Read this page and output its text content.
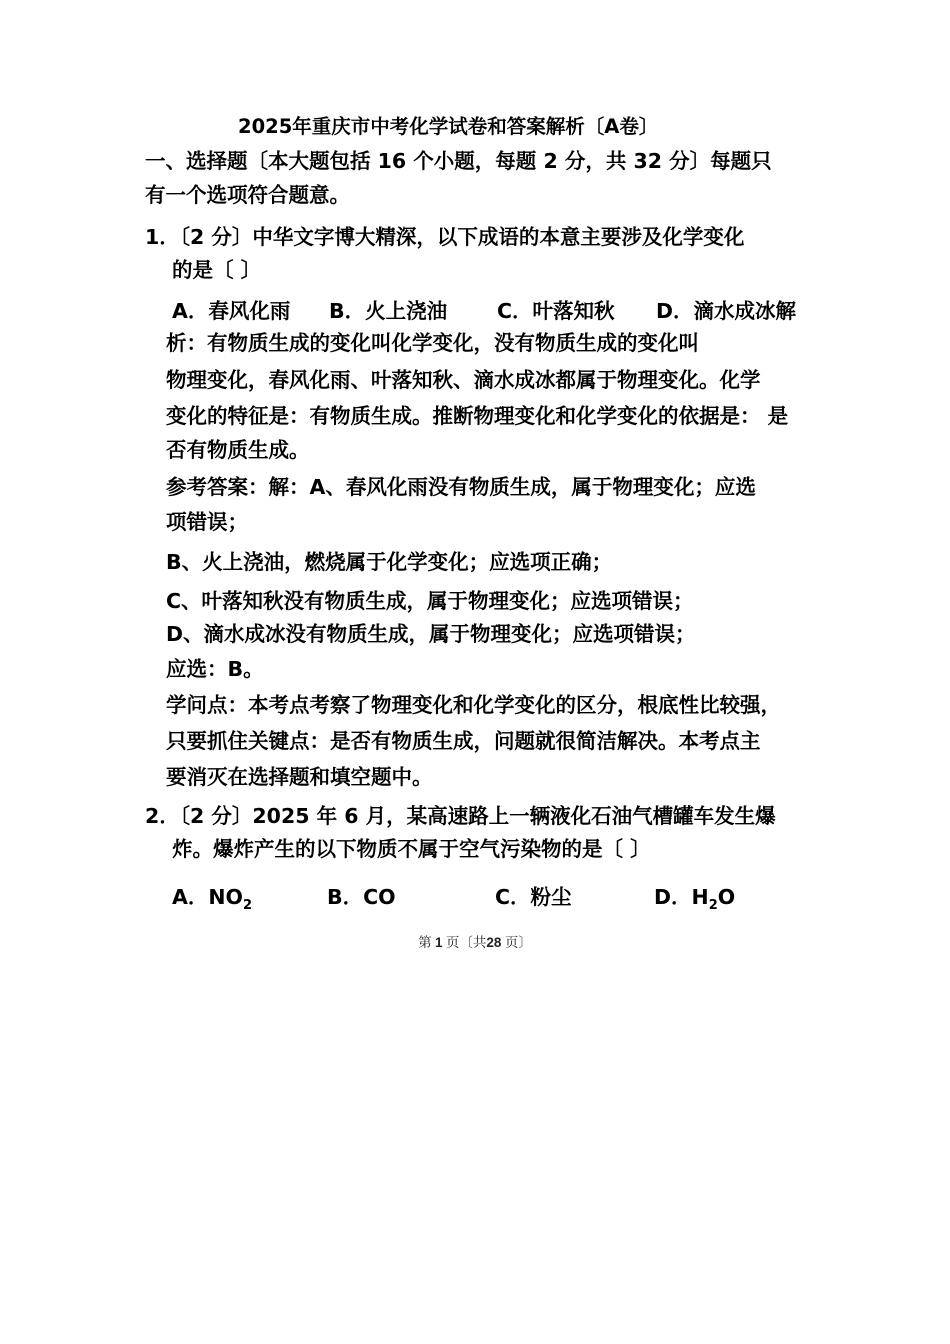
2025年重庆市中考化学试卷和答案解析〔A卷〕
一、选择题〔本大题包括 16 个小题，每题 2 分，共 32 分〕每题只
有一个选项符合题意。
1．〔2 分〕中华文字博大精深，以下成语的本意主要涉及化学变化
的是〔 〕
A．春风化雨 B．火上浇油 C．叶落知秋 D．滴水成冰解
析：有物质生成的变化叫化学变化，没有物质生成的变化叫
物理变化，春风化雨、叶落知秋、滴水成冰都属于物理变化。化学
变化的特征是：有物质生成。推断物理变化和化学变化的依据是： 是
否有物质生成。
参考答案：解：A、春风化雨没有物质生成，属于物理变化；应选
项错误；
B、火上浇油，燃烧属于化学变化；应选项正确；
C、叶落知秋没有物质生成，属于物理变化；应选项错误；
D、滴水成冰没有物质生成，属于物理变化；应选项错误；
应选：B。
学问点：本考点考察了物理变化和化学变化的区分，根底性比较强，
只要抓住关键点：是否有物质生成，问题就很简洁解决。本考点主
要消灭在选择题和填空题中。
2．〔2 分〕2025 年 6 月，某高速路上一辆液化石油气槽罐车发生爆
炸。爆炸产生的以下物质不属于空气污染物的是〔 〕
A．$NO_2$	B．CO	C．粉尘	D．$H_2O$
第 1 页〔共28 页〕
